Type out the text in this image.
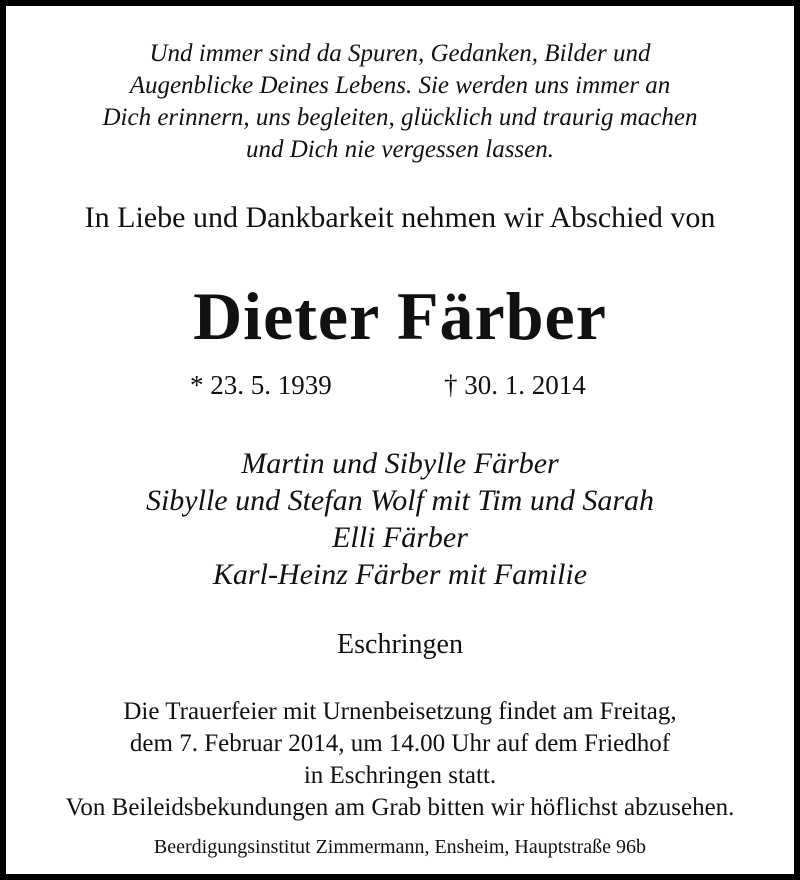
Und immer sind da Spuren, Gedanken, Bilder und
Augenblicke Deines Lebens. Sie werden uns immer an
Dich erinnern, uns begleiten, glücklich und traurig machen
und Dich nie vergessen lassen.
In Liebe und Dankbarkeit nehmen wir Abschied von
Dieter Färber
* 23. 5. 1939	† 30. 1. 2014
Martin und Sibylle Färber
Sibylle und Stefan Wolf mit Tim und Sarah
Elli Färber
Karl-Heinz Färber mit Familie
Eschringen
Die Trauerfeier mit Urnenbeisetzung findet am Freitag,
dem 7. Februar 2014, um 14.00 Uhr auf dem Friedhof
in Eschringen statt.
Von Beileidsbekundungen am Grab bitten wir höflichst abzusehen.
Beerdigungsinstitut Zimmermann, Ensheim, Hauptstraße 96b
